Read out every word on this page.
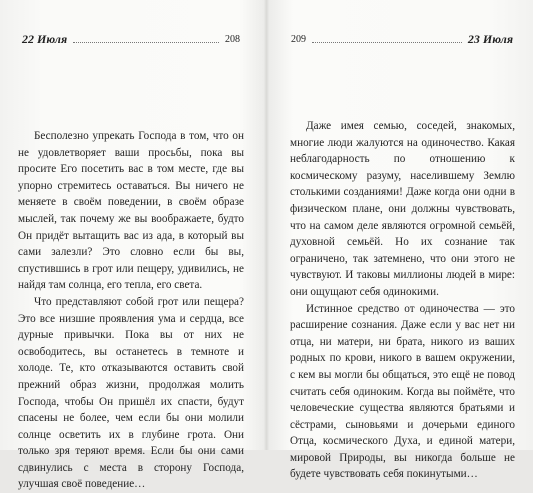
22 Июля	208

Бесполезно упрекать Господа в том, что он не удовлетворяет ваши просьбы, пока вы просите Его посетить вас в том месте, где вы упорно стремитесь оставаться. Вы ничего не меняете в своём поведении, в своём образе мыслей, так почему же вы воображаете, будто Он придёт вытащить вас из ада, в который вы сами залезли? Это словно если бы вы, спустившись в грот или пещеру, удивились, не найдя там солнца, его тепла, его света.

Что представляют собой грот или пещера? Это все низшие проявления ума и сердца, все дурные привычки. Пока вы от них не освободитесь, вы останетесь в темноте и холоде. Те, кто отказываются оставить свой прежний образ жизни, продолжая молить Господа, чтобы Он пришёл их спасти, будут спасены не более, чем если бы они молили солнце осветить их в глубине грота. Они только зря теряют время. Если бы они сами сдвинулись с места в сторону Господа, улучшая своё поведение…

209	23 Июля

Даже имея семью, соседей, знакомых, многие люди жалуются на одиночество. Какая неблагодарность по отношению к космическому разуму, населившему Землю столькими созданиями! Даже когда они одни в физическом плане, они должны чувствовать, что на самом деле являются огромной семьёй, духовной семьёй. Но их сознание так ограничено, так затемнено, что они этого не чувствуют. И таковы миллионы людей в мире: они ощущают себя одинокими.

Истинное средство от одиночества — это расширение сознания. Даже если у вас нет ни отца, ни матери, ни брата, никого из ваших родных по крови, никого в вашем окружении, с кем вы могли бы общаться, это ещё не повод считать себя одиноким. Когда вы поймёте, что человеческие существа являются братьями и сёстрами, сыновьями и дочерьми единого Отца, космического Духа, и единой матери, мировой Природы, вы никогда больше не будете чувствовать себя покинутыми…
